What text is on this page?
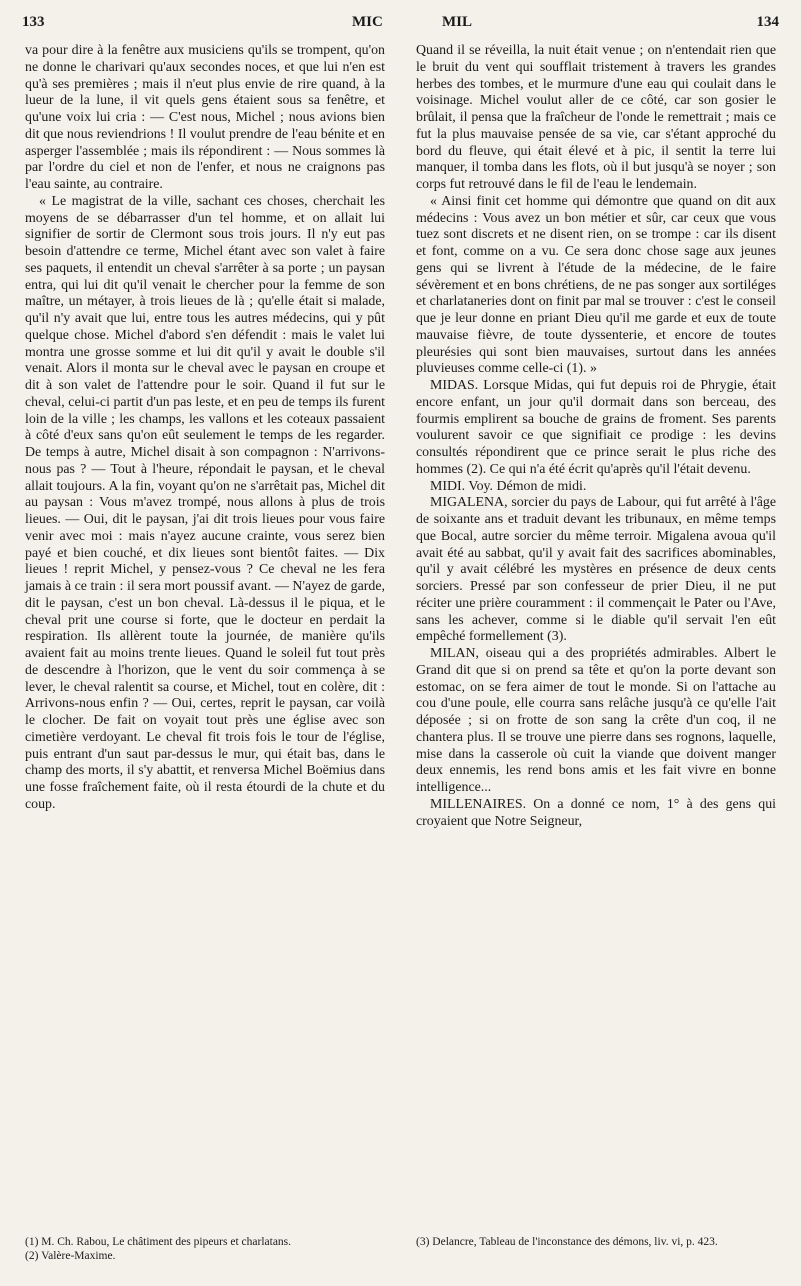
133	MIC	MIL	134

va pour dire à la fenêtre aux musiciens qu'ils se trompent, qu'on ne donne le charivari qu'aux secondes noces, et que lui n'en est qu'à ses premières ; mais il n'eut plus envie de rire quand, à la lueur de la lune, il vit quels gens étaient sous sa fenêtre, et qu'une voix lui cria : — C'est nous, Michel ; nous avions bien dit que nous reviendrions ! Il voulut prendre de l'eau bénite et en asperger l'assemblée ; mais ils répondirent : — Nous sommes là par l'ordre du ciel et non de l'enfer, et nous ne craignons pas l'eau sainte, au contraire.

« Le magistrat de la ville, sachant ces choses, cherchait les moyens de se débarrasser d'un tel homme, et on allait lui signifier de sortir de Clermont sous trois jours. Il n'y eut pas besoin d'attendre ce terme, Michel étant avec son valet à faire ses paquets, il entendit un cheval s'arrêter à sa porte ; un paysan entra, qui lui dit qu'il venait le chercher pour la femme de son maître, un métayer, à trois lieues de là ; qu'elle était si malade, qu'il n'y avait que lui, entre tous les autres médecins, qui y pût quelque chose. Michel d'abord s'en défendit : mais le valet lui montra une grosse somme et lui dit qu'il y avait le double s'il venait. Alors il monta sur le cheval avec le paysan en croupe et dit à son valet de l'attendre pour le soir. Quand il fut sur le cheval, celui-ci partit d'un pas leste, et en peu de temps ils furent loin de la ville ; les champs, les vallons et les coteaux passaient à côté d'eux sans qu'on eût seulement le temps de les regarder. De temps à autre, Michel disait à son compagnon : N'arrivons-nous pas ? — Tout à l'heure, répondait le paysan, et le cheval allait toujours. A la fin, voyant qu'on ne s'arrêtait pas, Michel dit au paysan : Vous m'avez trompé, nous allons à plus de trois lieues. — Oui, dit le paysan, j'ai dit trois lieues pour vous faire venir avec moi : mais n'ayez aucune crainte, vous serez bien payé et bien couché, et dix lieues sont bientôt faites. — Dix lieues ! reprit Michel, y pensez-vous ? Ce cheval ne les fera jamais à ce train : il sera mort poussif avant. — N'ayez de garde, dit le paysan, c'est un bon cheval. Là-dessus il le piqua, et le cheval prit une course si forte, que le docteur en perdait la respiration. Ils allèrent toute la journée, de manière qu'ils avaient fait au moins trente lieues. Quand le soleil fut tout près de descendre à l'horizon, que le vent du soir commença à se lever, le cheval ralentit sa course, et Michel, tout en colère, dit : Arrivons-nous enfin ? — Oui, certes, reprit le paysan, car voilà le clocher. De fait on voyait tout près une église avec son cimetière verdoyant. Le cheval fit trois fois le tour de l'église, puis entrant d'un saut par-dessus le mur, qui était bas, dans le champ des morts, il s'y abattit, et renversa Michel Boëmius dans une fosse fraîchement faite, où il resta étourdi de la chute et du coup.

Quand il se réveilla, la nuit était venue ; on n'entendait rien que le bruit du vent qui soufflait tristement à travers les grandes herbes des tombes, et le murmure d'une eau qui coulait dans le voisinage. Michel voulut aller de ce côté, car son gosier le brûlait, il pensa que la fraîcheur de l'onde le remettrait ; mais ce fut la plus mauvaise pensée de sa vie, car s'étant approché du bord du fleuve, qui était élevé et à pic, il sentit la terre lui manquer, il tomba dans les flots, où il but jusqu'à se noyer ; son corps fut retrouvé dans le fil de l'eau le lendemain.

« Ainsi finit cet homme qui démontre que quand on dit aux médecins : Vous avez un bon métier et sûr, car ceux que vous tuez sont discrets et ne disent rien, on se trompe : car ils disent et font, comme on a vu. Ce sera donc chose sage aux jeunes gens qui se livrent à l'étude de la médecine, de le faire sévèrement et en bons chrétiens, de ne pas songer aux sortiléges et charlataneries dont on finit par mal se trouver : c'est le conseil que je leur donne en priant Dieu qu'il me garde et eux de toute mauvaise fièvre, de toute dyssenterie, et encore de toutes pleurésies qui sont bien mauvaises, surtout dans les années pluvieuses comme celle-ci (1). »

MIDAS. Lorsque Midas, qui fut depuis roi de Phrygie, était encore enfant, un jour qu'il dormait dans son berceau, des fourmis emplirent sa bouche de grains de froment. Ses parents voulurent savoir ce que signifiait ce prodige : les devins consultés répondirent que ce prince serait le plus riche des hommes (2). Ce qui n'a été écrit qu'après qu'il l'était devenu.

MIDI. Voy. Démon de midi.

MIGALENA, sorcier du pays de Labour, qui fut arrêté à l'âge de soixante ans et traduit devant les tribunaux, en même temps que Bocal, autre sorcier du même terroir. Migalena avoua qu'il avait été au sabbat, qu'il y avait fait des sacrifices abominables, qu'il y avait célébré les mystères en présence de deux cents sorciers. Pressé par son confesseur de prier Dieu, il ne put réciter une prière couramment : il commençait le Pater ou l'Ave, sans les achever, comme si le diable qu'il servait l'en eût empêché formellement (3).

MILAN, oiseau qui a des propriétés admirables. Albert le Grand dit que si on prend sa tête et qu'on la porte devant son estomac, on se fera aimer de tout le monde. Si on l'attache au cou d'une poule, elle courra sans relâche jusqu'à ce qu'elle l'ait déposée ; si on frotte de son sang la crête d'un coq, il ne chantera plus. Il se trouve une pierre dans ses rognons, laquelle, mise dans la casserole où cuit la viande que doivent manger deux ennemis, les rend bons amis et les fait vivre en bonne intelligence...

MILLENAIRES. On a donné ce nom, 1° à des gens qui croyaient que Notre Seigneur,

(1) M. Ch. Rabou, Le châtiment des pipeurs et charlatans.
(2) Valère-Maxime.
(3) Delancre, Tableau de l'inconstance des démons, liv. vi, p. 423.
